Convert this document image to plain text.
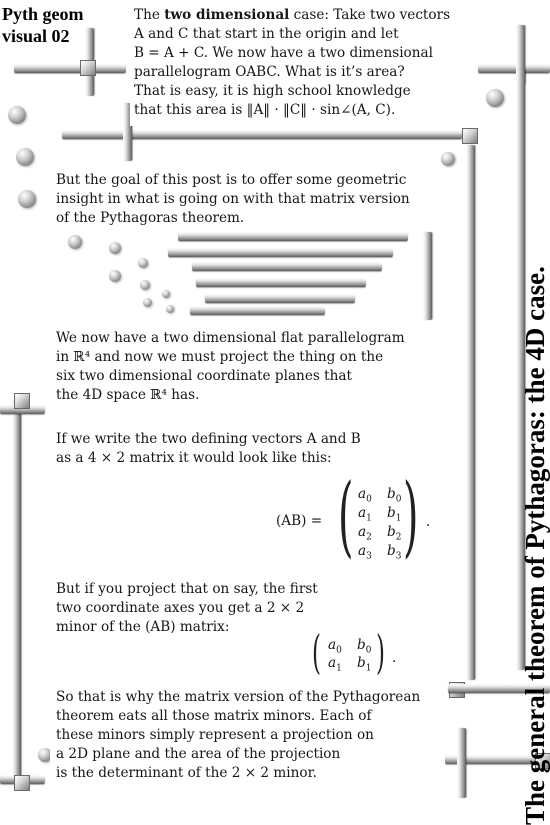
Pyth geom
visual 02
The general theorem of Pythagoras: the 4D case.
The two dimensional case: Take two vectors
A and C that start in the origin and let
B = A + C. We now have a two dimensional
parallelogram OABC. What is it’s area?
That is easy, it is high school knowledge
that this area is ‖A‖ · ‖C‖ · sin∠(A, C).
But the goal of this post is to offer some geometric
insight in what is going on with that matrix version
of the Pythagoras theorem.
We now have a two dimensional flat parallelogram
in ℝ⁴ and now we must project the thing on the
six two dimensional coordinate planes that
the 4D space ℝ⁴ has.
If we write the two defining vectors A and B
as a 4 × 2 matrix it would look like this:
(AB) = ( )
$a_0$ $b_0$
$a_1$ $b_1$
$a_2$ $b_2$
$a_3$ $b_3$
.
But if you project that on say, the first
two coordinate axes you get a 2 × 2
minor of the (AB) matrix:	( )
$a_0$ $b_0$
$a_1$ $b_1$
.
So that is why the matrix version of the Pythagorean
theorem eats all those matrix minors. Each of
these minors simply represent a projection on
a 2D plane and the area of the projection
is the determinant of the 2 × 2 minor.
